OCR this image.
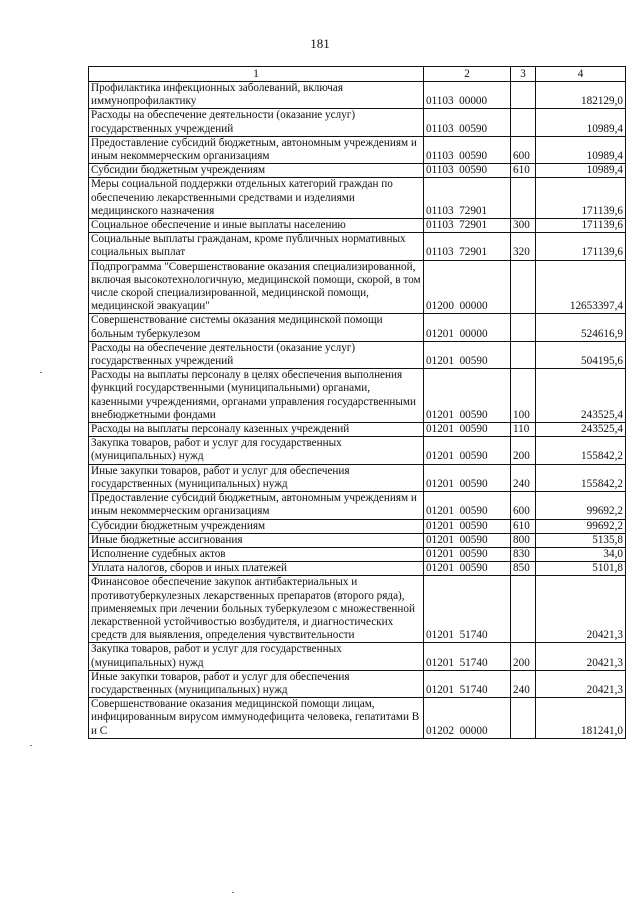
181
1	2	3	4
Профилактика инфекционных заболеваний, включая иммунопрофилактику	01103  00000		182129,0
Расходы на обеспечение деятельности (оказание услуг) государственных учреждений	01103  00590		10989,4
Предоставление субсидий бюджетным, автономным учреждениям и иным некоммерческим организациям	01103  00590	600	10989,4
Субсидии бюджетным учреждениям	01103  00590	610	10989,4
Меры социальной поддержки отдельных категорий граждан по обеспечению лекарственными средствами и изделиями медицинского назначения	01103  72901		171139,6
Социальное обеспечение и иные выплаты населению	01103  72901	300	171139,6
Социальные выплаты гражданам, кроме публичных нормативных социальных выплат	01103  72901	320	171139,6
Подпрограмма "Совершенствование оказания специализированной, включая высокотехнологичную, медицинской помощи, скорой, в том числе скорой специализированной, медицинской помощи, медицинской эвакуации"	01200  00000		12653397,4
Совершенствование системы оказания медицинской помощи больным туберкулезом	01201  00000		524616,9
Расходы на обеспечение деятельности (оказание услуг) государственных учреждений	01201  00590		504195,6
Расходы на выплаты персоналу в целях обеспечения выполнения функций государственными (муниципальными) органами, казенными учреждениями, органами управления государственными внебюджетными фондами	01201  00590	100	243525,4
Расходы на выплаты персоналу казенных учреждений	01201  00590	110	243525,4
Закупка товаров, работ и услуг для государственных (муниципальных) нужд	01201  00590	200	155842,2
Иные закупки товаров, работ и услуг для обеспечения государственных (муниципальных) нужд	01201  00590	240	155842,2
Предоставление субсидий бюджетным, автономным учреждениям и иным некоммерческим организациям	01201  00590	600	99692,2
Субсидии бюджетным учреждениям	01201  00590	610	99692,2
Иные бюджетные ассигнования	01201  00590	800	5135,8
Исполнение судебных актов	01201  00590	830	34,0
Уплата налогов, сборов и иных платежей	01201  00590	850	5101,8
Финансовое обеспечение закупок антибактериальных и противотуберкулезных лекарственных препаратов (второго ряда), применяемых при лечении больных туберкулезом с множественной лекарственной устойчивостью возбудителя, и диагностических средств для выявления, определения чувствительности	01201  51740		20421,3
Закупка товаров, работ и услуг для государственных (муниципальных) нужд	01201  51740	200	20421,3
Иные закупки товаров, работ и услуг для обеспечения государственных (муниципальных) нужд	01201  51740	240	20421,3
Совершенствование оказания медицинской помощи лицам, инфицированным вирусом иммунодефицита человека, гепатитами В и С	01202  00000		181241,0
